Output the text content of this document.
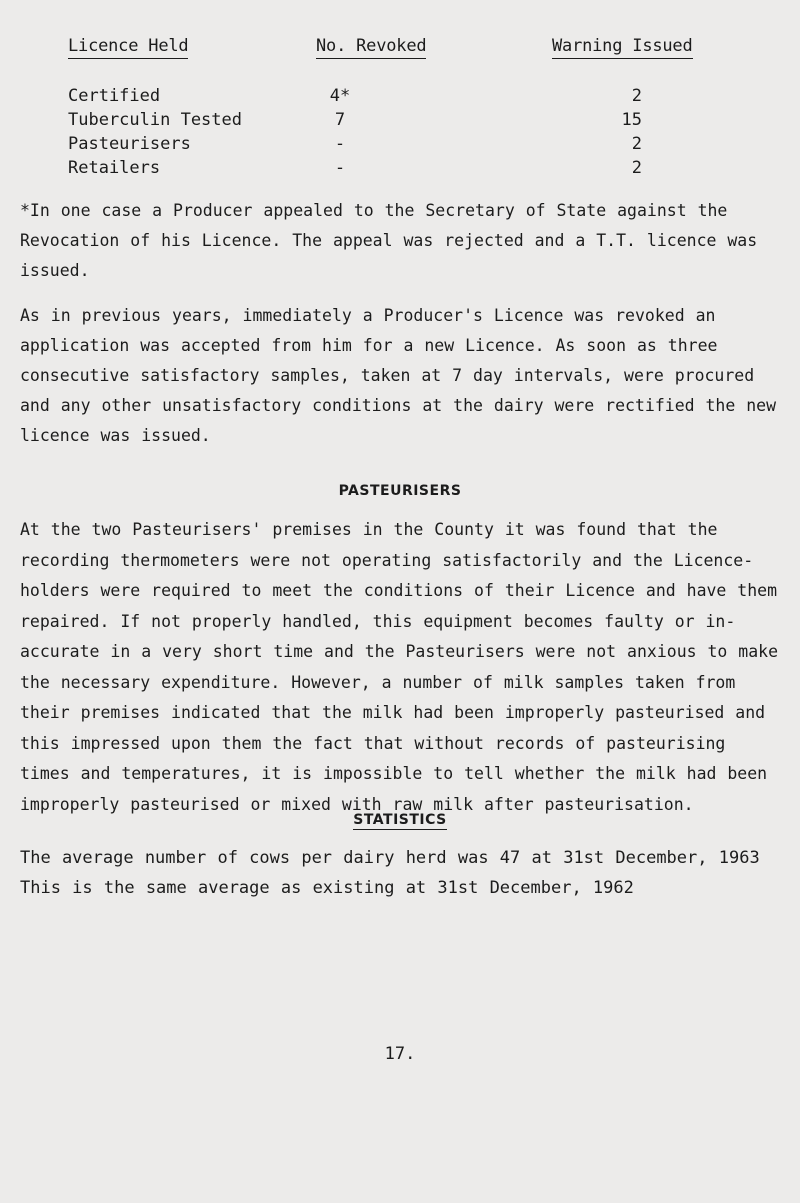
Licence Held	No. Revoked	Warning Issued
Certified	4*	2
Tuberculin Tested	7	15
Pasteurisers	-	2
Retailers	-	2

*In one case a Producer appealed to the Secretary of State against the
Revocation of his Licence. The appeal was rejected and a T.T. licence was
issued.

As in previous years, immediately a Producer's Licence was revoked an
application was accepted from him for a new Licence. As soon as three
consecutive satisfactory samples, taken at 7 day intervals, were procured
and any other unsatisfactory conditions at the dairy were rectified the new
licence was issued.

PASTEURISERS

At the two Pasteurisers' premises in the County it was found that the
recording thermometers were not operating satisfactorily and the Licence-
holders were required to meet the conditions of their Licence and have them
repaired. If not properly handled, this equipment becomes faulty or in-
accurate in a very short time and the Pasteurisers were not anxious to make
the necessary expenditure. However, a number of milk samples taken from
their premises indicated that the milk had been improperly pasteurised and
this impressed upon them the fact that without records of pasteurising
times and temperatures, it is impossible to tell whether the milk had been
improperly pasteurised or mixed with raw milk after pasteurisation.

STATISTICS

The average number of cows per dairy herd was 47 at 31st December, 1963
This is the same average as existing at 31st December, 1962

17.
